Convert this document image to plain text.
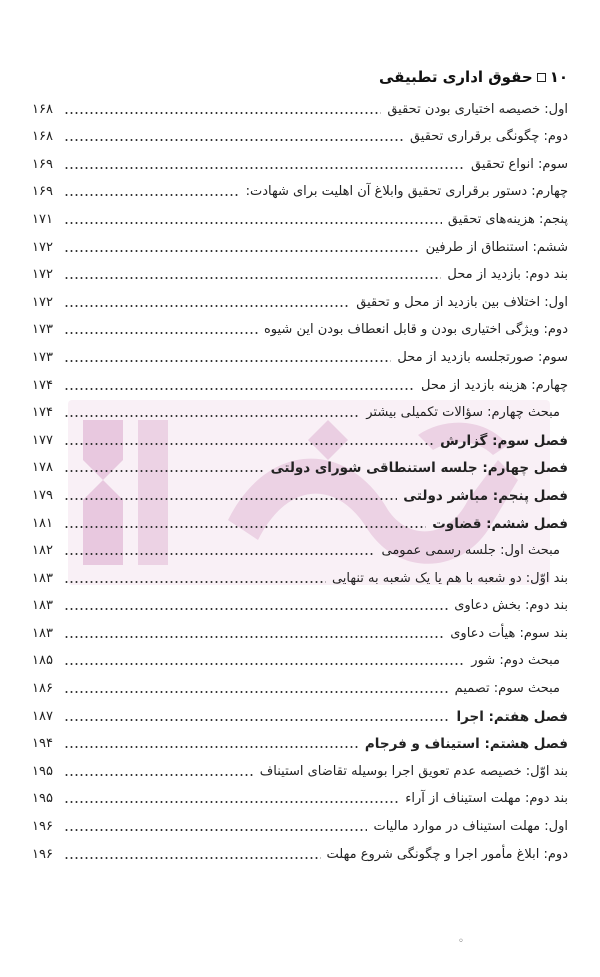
۱۰
حقوق اداری تطبیقی
اول: خصیصه اختیاری بودن تحقیق
۱۶۸
دوم: چگونگی برقراری تحقیق
۱۶۸
سوم: انواع تحقیق
۱۶۹
چهارم: دستور برقراری تحقیق وابلاغ آن اهلیت برای شهادت:
۱۶۹
پنجم: هزینه‌های تحقیق
۱۷۱
ششم: استنطاق از طرفین
۱۷۲
بند دوم: بازدید از محل
۱۷۲
اول: اختلاف بین بازدید از محل و تحقیق
۱۷۲
دوم: ویژگی اختیاری بودن و قابل انعطاف بودن این شیوه
۱۷۳
سوم: صورتجلسه بازدید از محل
۱۷۳
چهارم: هزینه بازدید از محل
۱۷۴
مبحث چهارم: سؤالات تکمیلی بیشتر
۱۷۴
فصل سوم: گزارش
۱۷۷
فصل چهارم: جلسه استنطاقی شورای دولتی
۱۷۸
فصل پنجم: مباشر دولتی
۱۷۹
فصل ششم: قضاوت
۱۸۱
مبحث اول: جلسه رسمی عمومی
۱۸۲
بند اوّل: دو شعبه با هم یا یک شعبه به تنهایی
۱۸۳
بند دوم: بخش دعاوی
۱۸۳
بند سوم: هیأت دعاوی
۱۸۳
مبحث دوم: شور
۱۸۵
مبحث سوم: تصمیم
۱۸۶
فصل هفتم: اجرا
۱۸۷
فصل هشتم: استیناف و فرجام
۱۹۴
بند اوّل: خصیصه عدم تعویق اجرا بوسیله تقاضای استیناف
۱۹۵
بند دوم: مهلت استیناف از آراء
۱۹۵
اول: مهلت استیناف در موارد مالیات
۱۹۶
دوم: ابلاغ مأمور اجرا و چگونگی شروع مهلت
۱۹۶
◦
